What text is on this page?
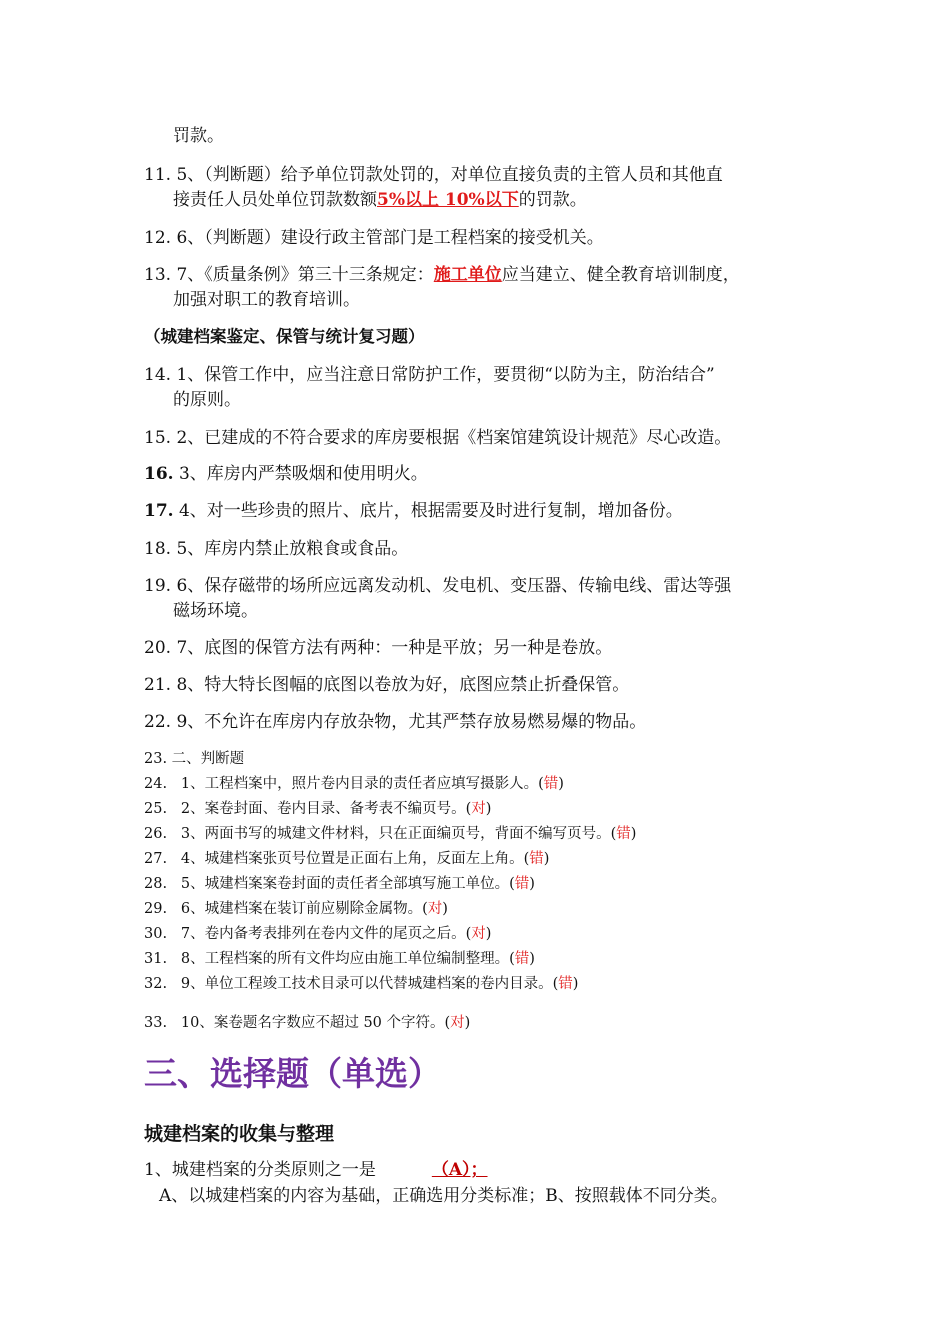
罚款。
11. 5、（判断题）给予单位罚款处罚的，对单位直接负责的主管人员和其他直
接责任人员处单位罚款数额5%以上 10%以下的罚款。
12. 6、（判断题）建设行政主管部门是工程档案的接受机关。
13. 7、《质量条例》第三十三条规定：施工单位应当建立、健全教育培训制度，
加强对职工的教育培训。
（城建档案鉴定、保管与统计复习题）
14. 1、保管工作中，应当注意日常防护工作，要贯彻“以防为主，防治结合”
的原则。
15. 2、已建成的不符合要求的库房要根据《档案馆建筑设计规范》尽心改造。
16. 3、库房内严禁吸烟和使用明火。
17. 4、对一些珍贵的照片、底片，根据需要及时进行复制，增加备份。
18. 5、库房内禁止放粮食或食品。
19. 6、保存磁带的场所应远离发动机、发电机、变压器、传输电线、雷达等强
磁场环境。
20. 7、底图的保管方法有两种：一种是平放；另一种是卷放。
21. 8、特大特长图幅的底图以卷放为好，底图应禁止折叠保管。
22. 9、不允许在库房内存放杂物，尤其严禁存放易燃易爆的物品。
23. 二、判断题
24. 1、工程档案中，照片卷内目录的责任者应填写摄影人。(错)
25. 2、案卷封面、卷内目录、备考表不编页号。(对)
26. 3、两面书写的城建文件材料，只在正面编页号，背面不编写页号。(错)
27. 4、城建档案张页号位置是正面右上角，反面左上角。(错)
28. 5、城建档案案卷封面的责任者全部填写施工单位。(错)
29. 6、城建档案在装订前应剔除金属物。(对)
30. 7、卷内备考表排列在卷内文件的尾页之后。(对)
31. 8、工程档案的所有文件均应由施工单位编制整理。(错)
32. 9、单位工程竣工技术目录可以代替城建档案的卷内目录。(错)
33. 10、案卷题名字数应不超过 50 个字符。(对)
三、选择题（单选）
城建档案的收集与整理
1、城建档案的分类原则之一是	（A）；
A、以城建档案的内容为基础，正确选用分类标准；B、按照载体不同分类。
